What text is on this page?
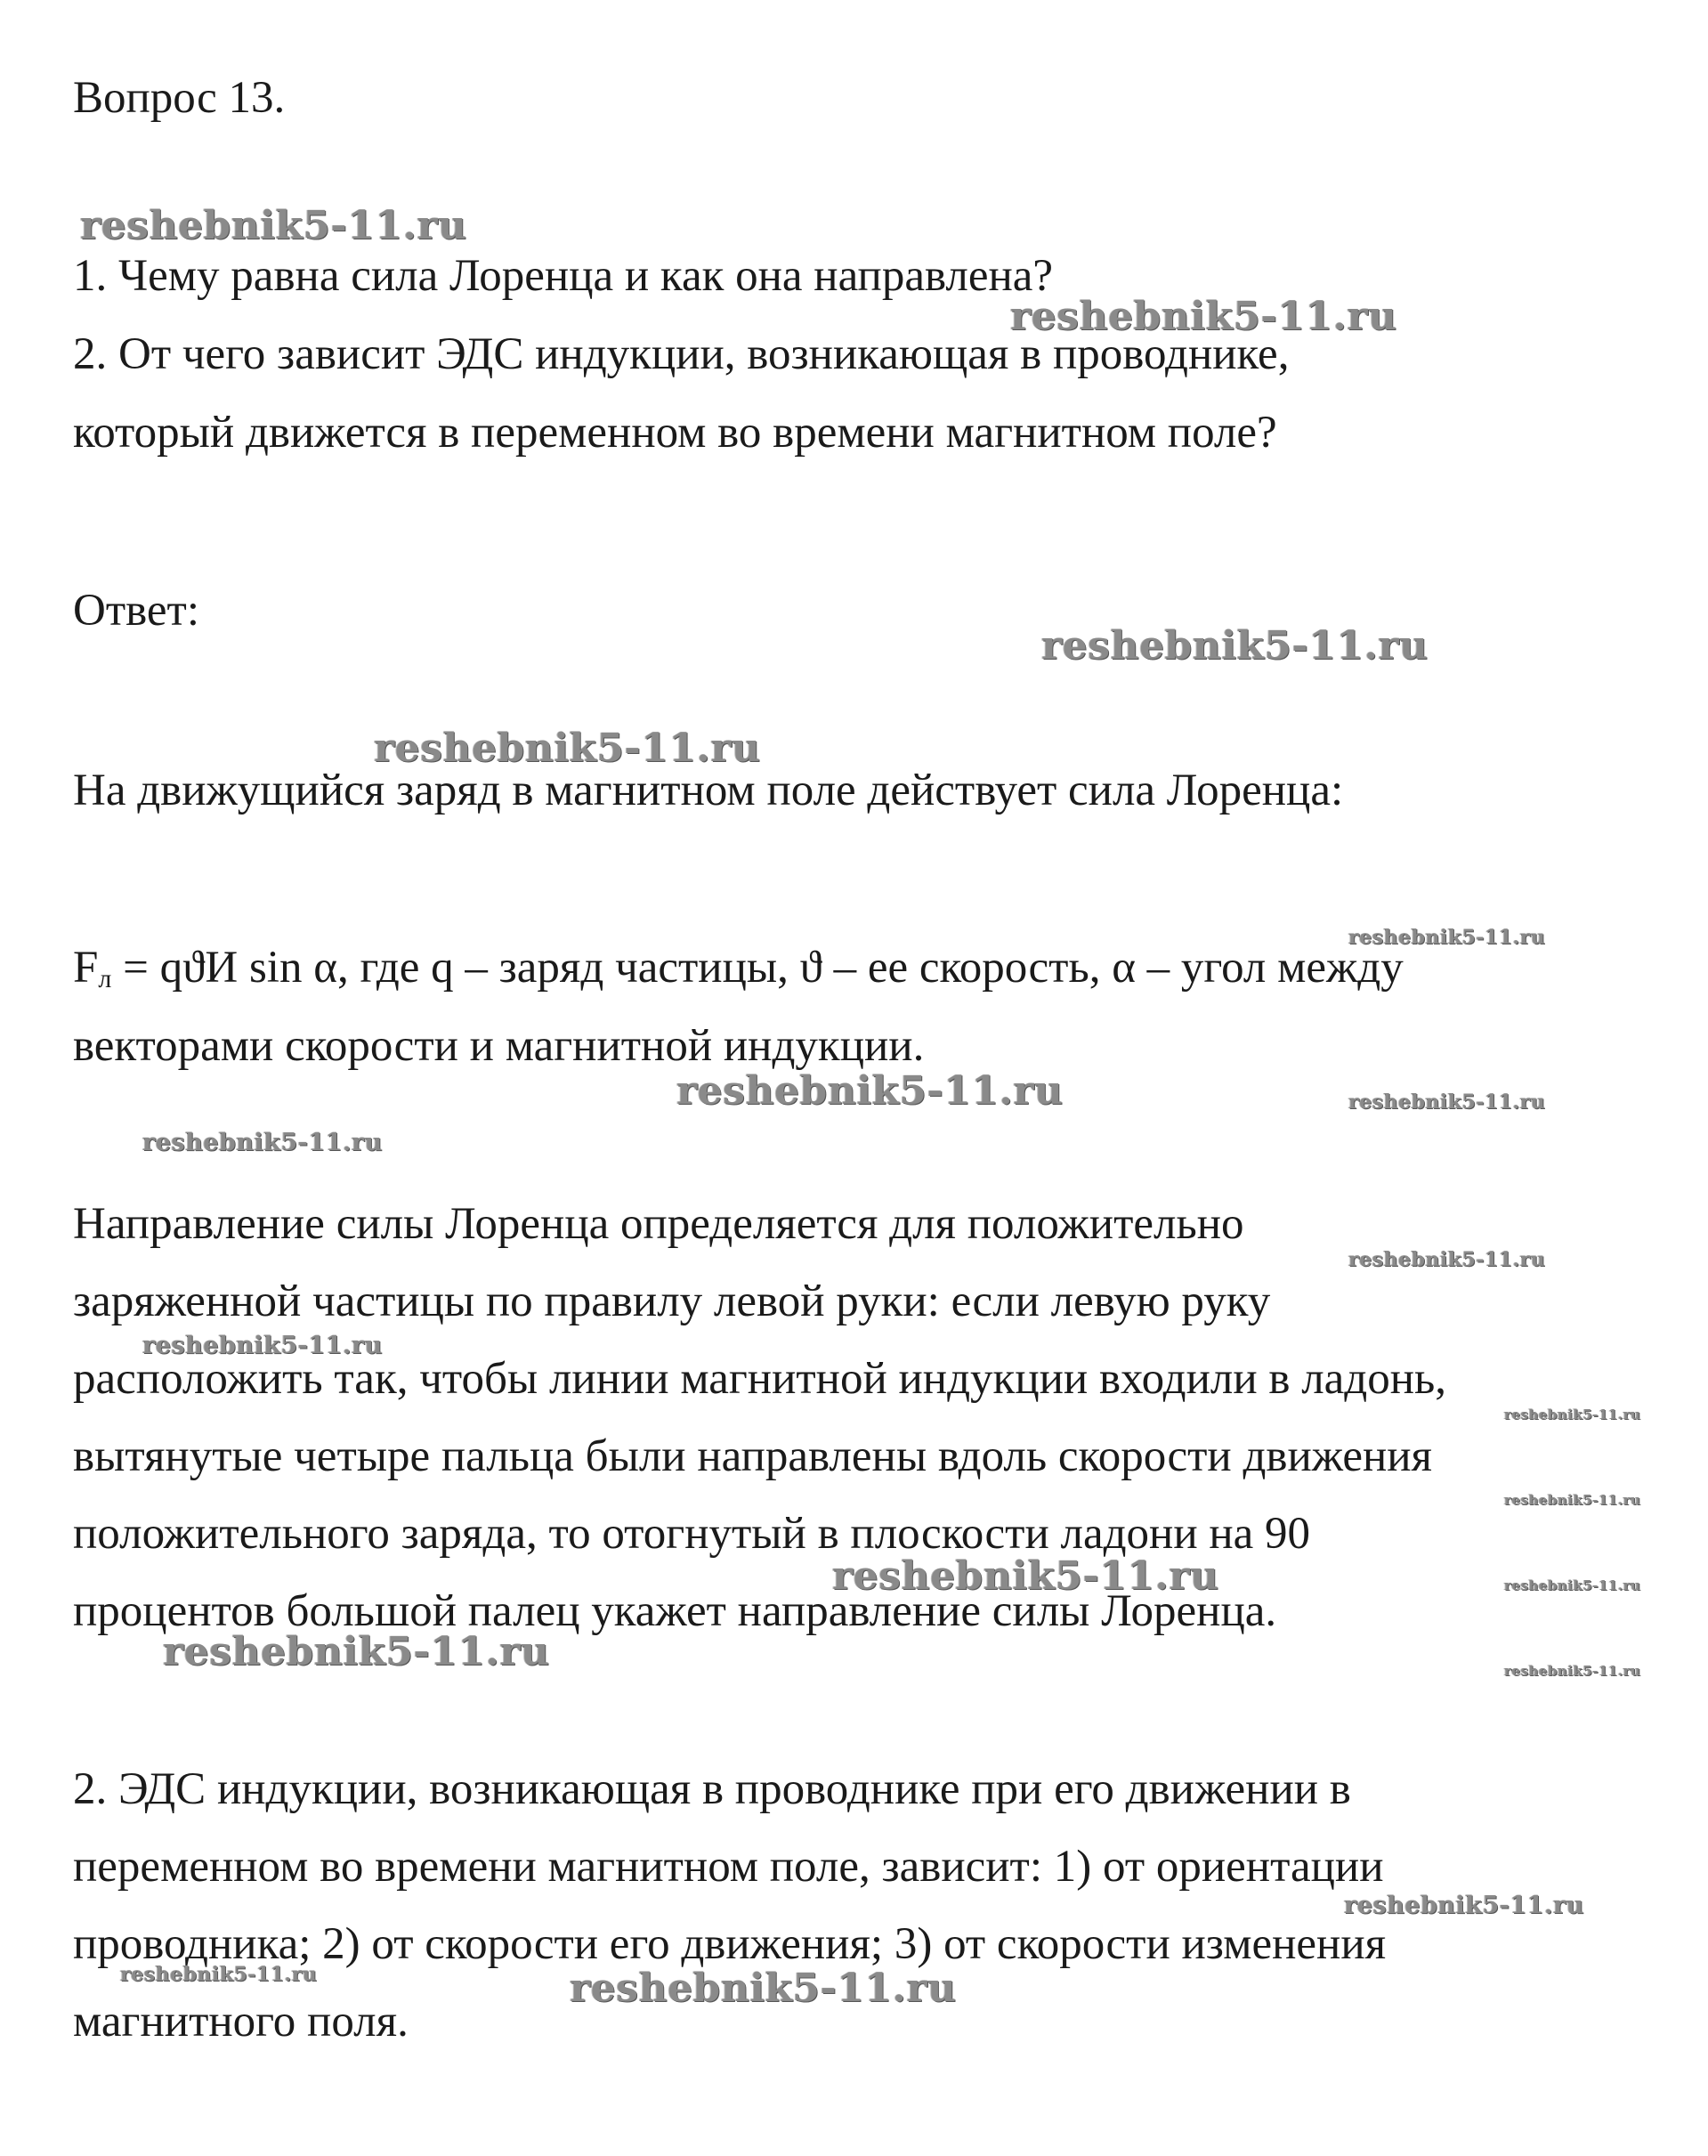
Вопрос 13.

1. Чему равна сила Лоренца и как она направлена?

2. От чего зависит ЭДС индукции, возникающая в проводнике,

который движется в переменном во времени магнитном поле?

Ответ:

На движущийся заряд в магнитном поле действует сила Лоренца:

$F_л = qϑИ$ sin α, где q – заряд частицы, ϑ – ее скорость, α – угол между

векторами скорости и магнитной индукции.

Направление силы Лоренца определяется для положительно

заряженной частицы по правилу левой руки: если левую руку

расположить так, чтобы линии магнитной индукции входили в ладонь,

вытянутые четыре пальца были направлены вдоль скорости движения

положительного заряда, то отогнутый в плоскости ладони на 90

процентов большой палец укажет направление силы Лоренца.

2. ЭДС индукции, возникающая в проводнике при его движении в

переменном во времени магнитном поле, зависит: 1) от ориентации

проводника; 2) от скорости его движения; 3) от скорости изменения

магнитного поля.

reshebnik5-11.ru
reshebnik5-11.ru
reshebnik5-11.ru
reshebnik5-11.ru
reshebnik5-11.ru
reshebnik5-11.ru	reshebnik5-11.ru
reshebnik5-11.ru
reshebnik5-11.ru
reshebnik5-11.ru
reshebnik5-11.ru
reshebnik5-11.ru
reshebnik5-11.ru	reshebnik5-11.ru
reshebnik5-11.ru	reshebnik5-11.ru
reshebnik5-11.ru
reshebnik5-11.ru	reshebnik5-11.ru
